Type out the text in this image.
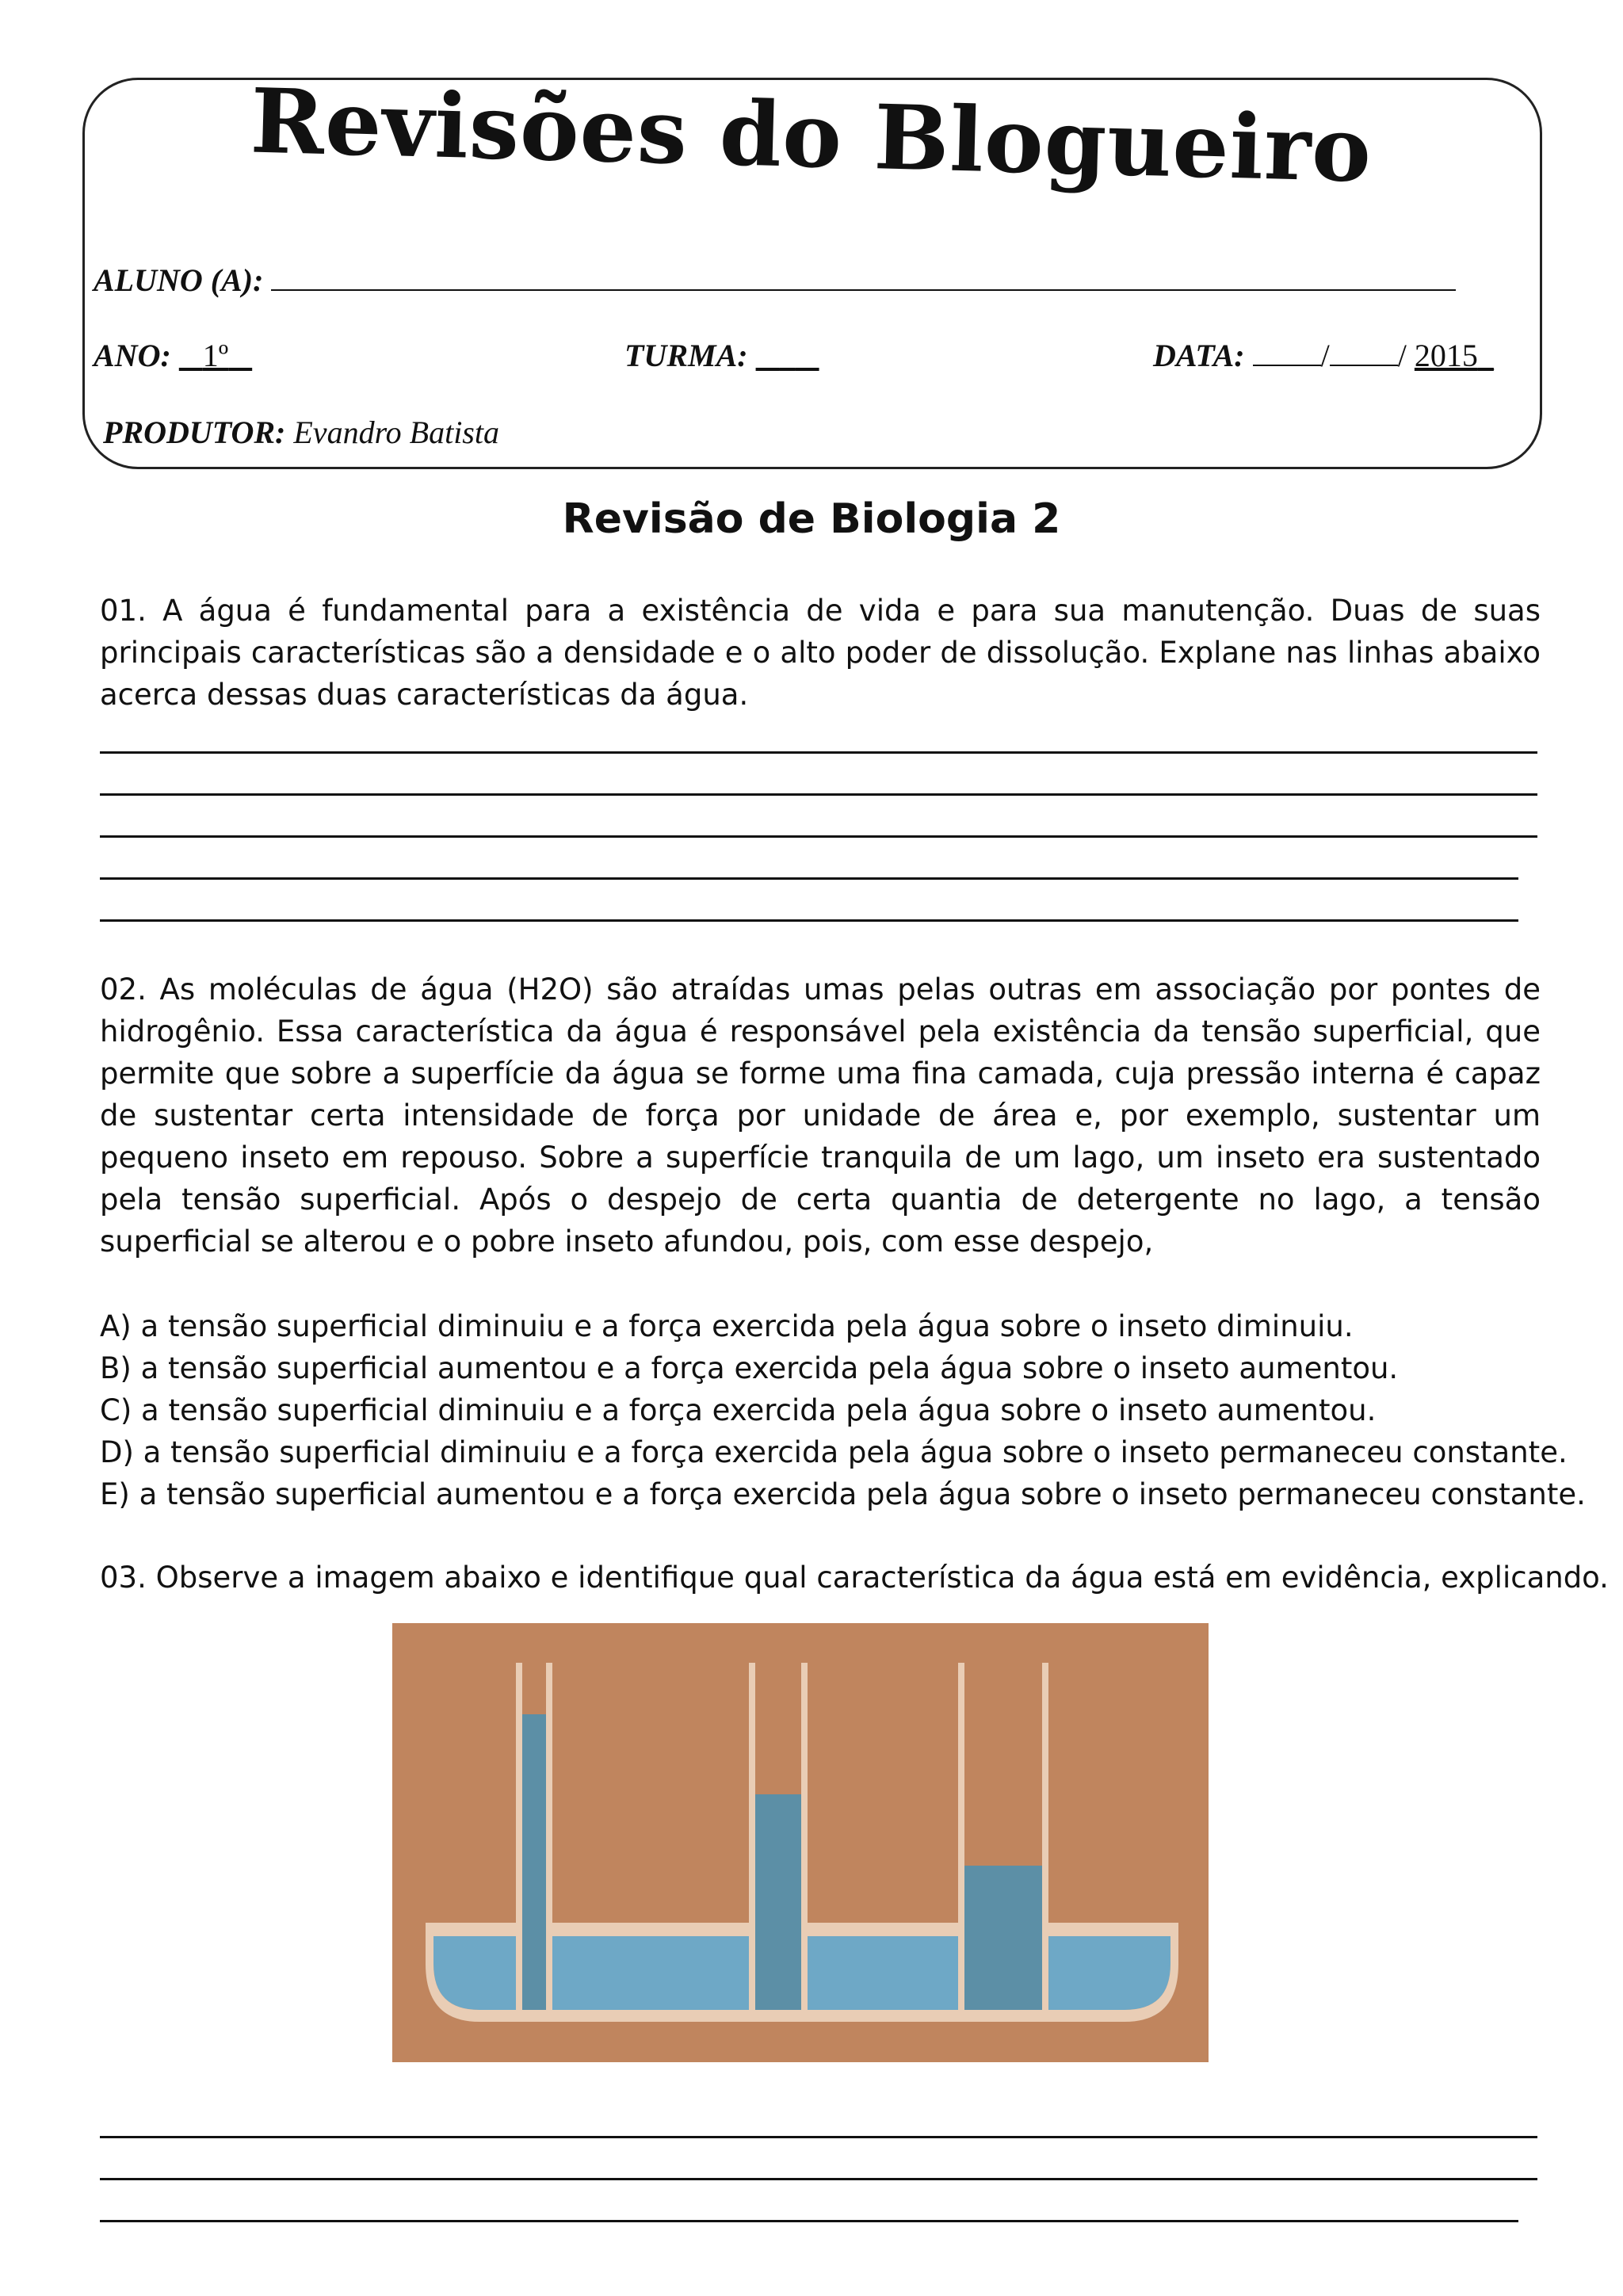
Revisões do Blogueiro
ALUNO (A):
ANO: 1º	TURMA: _	DATA: / / 2015_
PRODUTOR: Evandro Batista
Revisão de Biologia 2
01. A água é fundamental para a existência de vida e para sua manutenção. Duas de suas principais características são a densidade e o alto poder de dissolução. Explane nas linhas abaixo acerca dessas duas características da água.
02. As moléculas de água (H2O) são atraídas umas pelas outras em associação por pontes de hidrogênio. Essa característica da água é responsável pela existência da tensão superficial, que permite que sobre a superfície da água se forme uma fina camada, cuja pressão interna é capaz de sustentar certa intensidade de força por unidade de área e, por exemplo, sustentar um pequeno inseto em repouso. Sobre a superfície tranquila de um lago, um inseto era sustentado pela tensão superficial. Após o despejo de certa quantia de detergente no lago, a tensão superficial se alterou e o pobre inseto afundou, pois, com esse despejo,
A) a tensão superficial diminuiu e a força exercida pela água sobre o inseto diminuiu.
B) a tensão superficial aumentou e a força exercida pela água sobre o inseto aumentou.
C) a tensão superficial diminuiu e a força exercida pela água sobre o inseto aumentou.
D) a tensão superficial diminuiu e a força exercida pela água sobre o inseto permaneceu constante.
E) a tensão superficial aumentou e a força exercida pela água sobre o inseto permaneceu constante.
03. Observe a imagem abaixo e identifique qual característica da água está em evidência, explicando.
